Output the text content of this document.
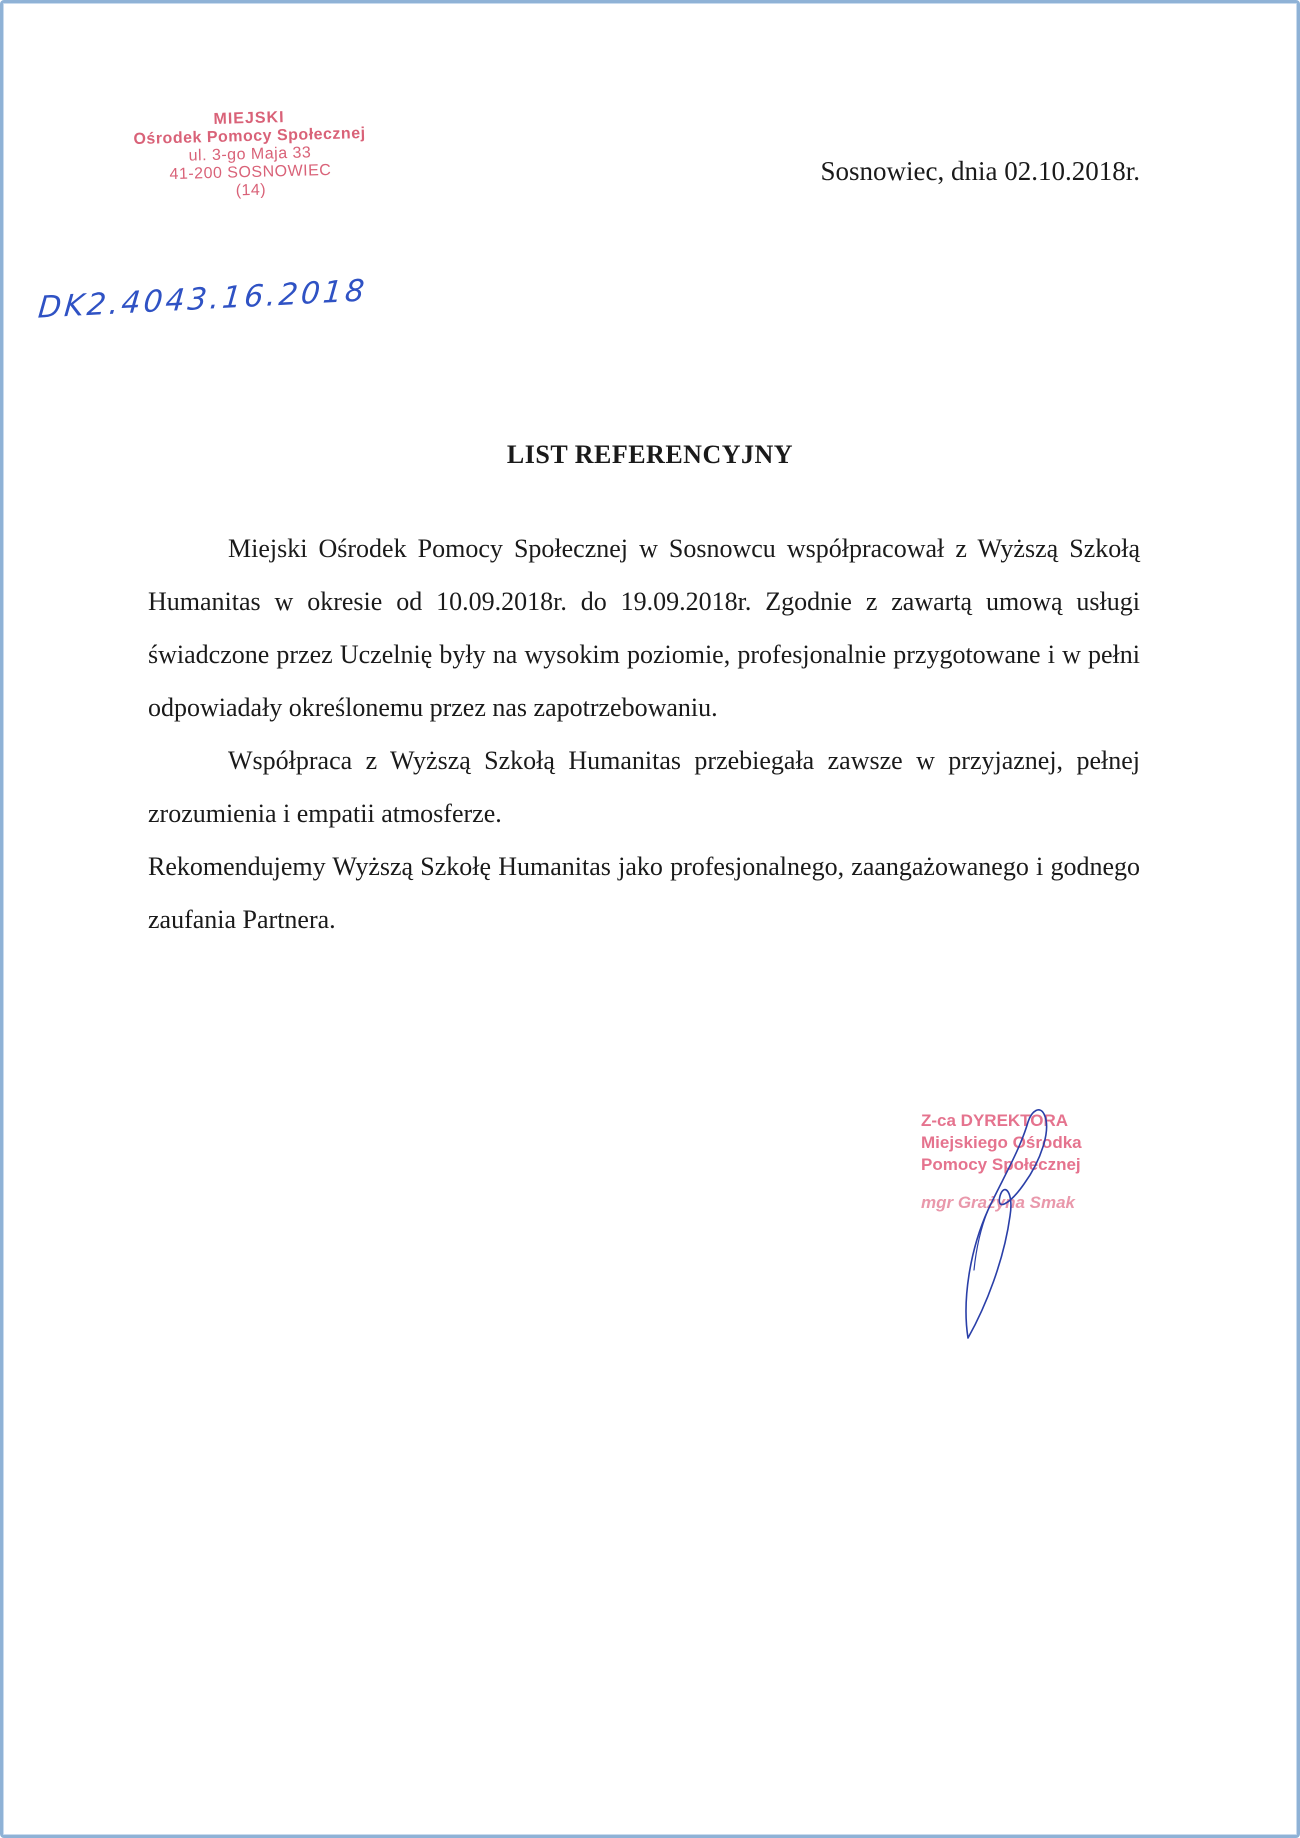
MIEJSKI
Ośrodek Pomocy Społecznej
ul. 3-go Maja 33
41-200 SOSNOWIEC
(14)
DK2.4043.16.2018
Sosnowiec, dnia 02.10.2018r.
LIST REFERENCYJNY

Miejski Ośrodek Pomocy Społecznej w Sosnowcu współpracował z Wyższą Szkołą Humanitas w okresie od 10.09.2018r. do 19.09.2018r. Zgodnie z zawartą umową usługi świadczone przez Uczelnię były na wysokim poziomie, profesjonalnie przygotowane i w pełni odpowiadały określonemu przez nas zapotrzebowaniu.

Współpraca z Wyższą Szkołą Humanitas przebiegała zawsze w przyjaznej, pełnej zrozumienia i empatii atmosferze.

Rekomendujemy Wyższą Szkołę Humanitas jako profesjonalnego, zaangażowanego i godnego zaufania Partnera.

Z-ca DYREKTORA
Miejskiego Ośrodka
Pomocy Społecznej
mgr Grażyna Smak
